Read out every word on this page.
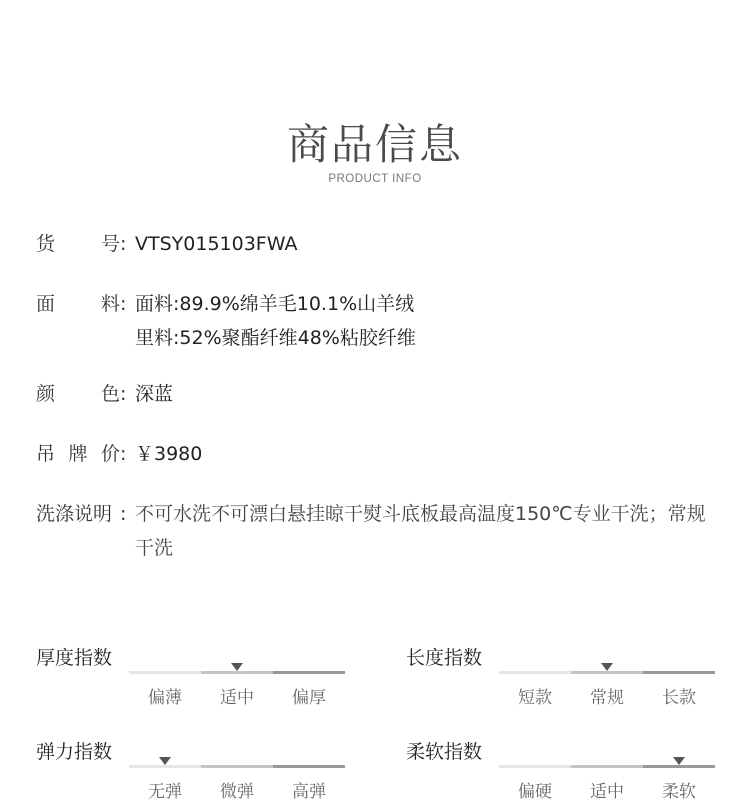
商品信息
PRODUCT INFO
货 号 : VTSY015103FWA
面 料 : 面料:89.9%绵羊毛10.1%山羊绒
里料:52%聚酯纤维48%粘胶纤维
颜 色 : 深蓝
吊 牌 价 : ￥3980
洗涤说明 : 不可水洗不可漂白悬挂晾干熨斗底板最高温度150℃专业干洗；常规干洗
厚度指数
偏薄	适中	偏厚
长度指数
短款	常规	长款
弹力指数
无弹	微弹	高弹
柔软指数
偏硬	适中	柔软
